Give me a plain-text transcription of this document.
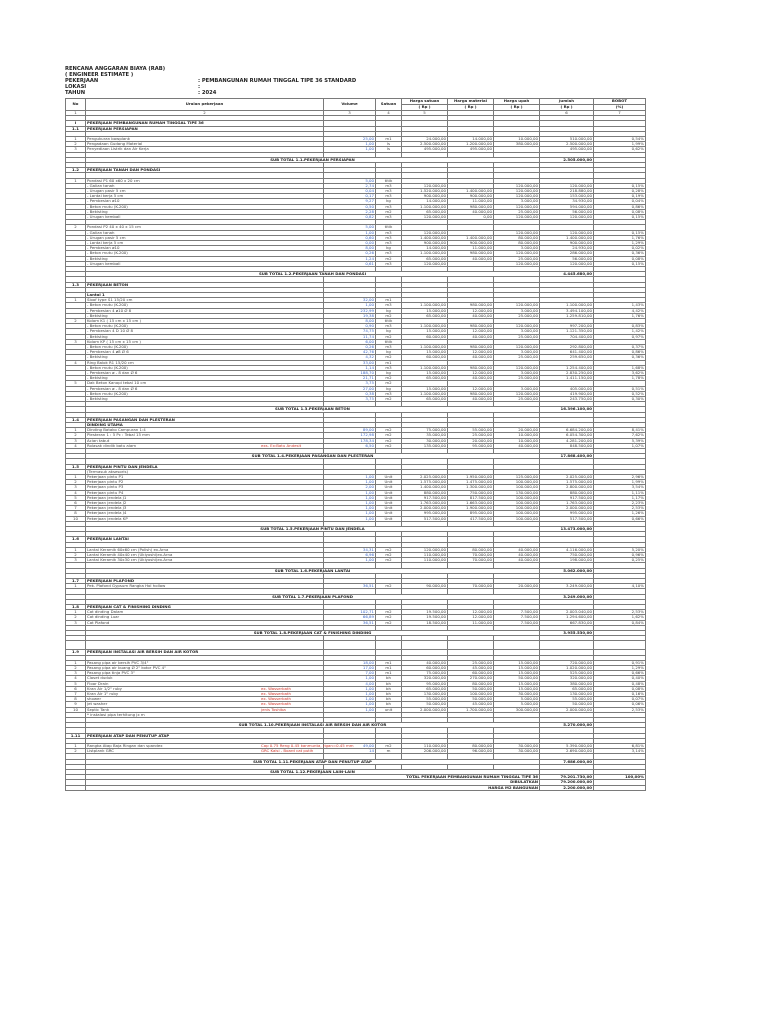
RENCANA ANGGARAN BIAYA (RAB)
( ENGINEER ESTIMATE )
PEKERJAAN	: PEMBANGUNAN RUMAH TINGGAL TIPE 36 STANDARD
LOKASI	:
TAHUN	: 2024
No	Uraian pekerjaan	Volume	Satuan	Harga satuan	Harga material	Harga upah	Jumlah	BOBOT
				( Rp )	( Rp )	( Rp )	( Rp )	(%)
1	2	3	4	5			6	7

I	PEKERJAAN PEMBANGUNAN RUMAH TINGGAL TIPE 36							
1.1	PEKERJAAN PERSIAPAN							

1	Pengukuran bowplank	25,00	m1	24.000,00	14.000,00	10.000,00	510.000,00	0,54%
2	Pengadaan Gudang Material	1,00	ls	2.500.000,00	1.200.000,00	380.000,00	2.500.000,00	1,99%
3	Penyediaan Listrik dan Air Kerja	1,00	ls	495.000,00	495.000,00		495.000,00	0,62%

	SUB TOTAL 1.1.PEKERJAAN PERSIAPAN						2.505.000,00	

1.2	PEKERJAAN TANAH DAN PONDASI							

1	Pondasi P1 60 x60 x 20 cm	5,00	titik					
	- Galian tanah	2,74	m3	120.000,00		120.000,00	120.000,00	0,15%
	- Urugan pasir 5 cm	0,04	m3	1.520.000,00	1.400.000,00	120.000,00	218.880,00	0,28%
	- Lantai kerja 5 cm	0,17	m3	900.000,00	900.000,00	120.000,00	153.000,00	0,19%
	- Pembesian ø10	9,27	kg	14.000,00	11.000,00	3.000,00	34.930,00	0,04%
	- Beton mutu (K-200)	0,50	m3	1.100.000,00	980.000,00	120.000,00	594.000,00	0,86%
	- Bekisting	2,28	m2	65.000,00	40.000,00	25.000,00	56.000,00	0,08%
	- Urugan kembali	0,82	m3	120.000,00	0,00	120.000,00	120.000,00	0,15%

2	Pondasi P2 40 x 40 x 15 cm	5,00	titik					
	- Galian tanah	1,00	m3	120.000,00		120.000,00	120.000,00	0,15%
	- Urugan pasir 5 cm	0,60	m3	1.400.000,00	1.400.000,00	80.000,00	1.400.000,00	1,76%
	- Lantai kerja 5 cm	0,00	m3	900.000,00	900.000,00	80.000,00	900.000,00	1,29%
	- Pembesian ø10	8,00	kg	14.000,00	11.000,00	3.000,00	24.930,00	0,02%
	- Beton mutu (K-200)	0,26	m3	1.100.000,00	980.000,00	120.000,00	286.000,00	0,36%
	- Bekisting	1,24	m2	65.000,00	40.000,00	25.000,00	56.000,00	0,08%
	- Urugan kembali	0,61	m3	120.000,00		120.000,00	120.000,00	0,15%

	SUB TOTAL 1.2.PEKERJAAN TANAH DAN PONDASI						4.445.680,00	

1.3	PEKERJAAN BETON							

	Lantai 1							
1	Sloof type S1 15/20 cm	32,00	m1					
	- Beton mutu (K-200)	1,00	m3	1.100.000,00	980.000,00	120.000,00	1.100.000,00	1,43%
	- Pembesian 4 ø10 Ø 8	232,99	kg	15.000,00	12.000,00	3.000,00	3.494.100,00	4,42%
	- Bekisting	19,38	m2	65.000,00	40.000,00	25.000,00	1.259.810,00	1,76%
2	Kolom K1 ( 15 cm x 15 cm )	8,00	titik					
	- Beton mutu (K-200)	0,90	m3	1.100.000,00	980.000,00	120.000,00	997.200,00	0,83%
	- Pembesian 4 D 10 Ø 8	74,75	kg	15.000,00	12.000,00	3.000,00	1.121.350,00	1,42%
	- Bekisting	11,74	m2	60.000,00	40.000,00	25.000,00	704.400,00	0,97%
3	Kolom KP ( 15 cm x 15 cm )	6,00	titik					
	- Beton mutu (K-200)	0,26	m3	1.100.000,00	980.000,00	120.000,00	292.800,00	0,37%
	- Pembesian 4 ø8 Ø 6	42,76	kg	15.000,00	12.000,00	3.000,00	641.400,00	0,86%
	- Bekisting	4,32	m2	60.000,00	40.000,00	25.000,00	259.650,00	0,36%
4	Ring Balok R1 15/20 cm	33,00	m1					
	- Beton mutu (K-200)	1,14	m3	1.100.000,00	980.000,00	120.000,00	1.254.400,00	1,68%
	- Pembesian ø - 8 dan Ø 6	188,70	kg	15.000,00	12.000,00	3.000,00	2.830.250,00	3,62%
	- Bekisting	21,71	m2	65.000,00	40.000,00	25.000,00	1.411.150,00	1,78%
5	Dak Beton Kanopi tebal 10 cm	3,75	m2					
	- Pembesian ø - 8 dan Ø 6	27,00	kg	15.000,00	12.000,00	3.000,00	405.000,00	0,51%
	- Beton mutu (K-200)	0,38	m3	1.100.000,00	980.000,00	120.000,00	419.900,00	0,52%
	- Bekisting	3,75	m2	65.000,00	40.000,00	25.000,00	243.750,00	0,30%

	SUB TOTAL 1.3.PEKERJAAN BETON						16.396.100,00	

1.4	PEKERJAAN PASANGAN DAN PLESTERAN							
	DINDING UTAMA							
1	Dinding Batako Campuran 1:4	89,00	m2	75.000,00	55.000,00	20.000,00	6.684.200,00	8,41%
2	Plesteran 1 : 5 Pc : Tebal 15 mm	172,98	m2	35.000,00	25.000,00	10.000,00	6.054.300,00	7,62%
3	Acian tabut	178,34	m2	30.000,00	20.000,00	10.000,00	4.281.200,00	5,39%
4	Rolasak dindik batu alam exs. Ex:Batu Andesit	6,50	m2	135.000,00	95.000,00	40.000,00	848.500,00	1,07%

	SUB TOTAL 1.4.PEKERJAAN PASANGAN DAN PLESTERAN						17.868.400,00	

1.5	PEKERJAAN PINTU DAN JENDELA							
	(Termasuk aksesoris)							
1	Pekerjaan pintu P1	1,00	Unit	2.025.000,00	1.950.000,00	125.000,00	2.025.000,00	2,96%
2	Pekerjaan pintu P2	1,00	Unit	1.575.000,00	1.475.000,00	100.000,00	1.575.000,00	1,99%
3	Pekerjaan pintu P3	2,00	Unit	1.400.000,00	1.300.000,00	100.000,00	2.800.000,00	3,54%
4	Pekerjaan pintu P4	1,00	Unit	880.000,00	750.000,00	130.000,00	880.000,00	1,11%
5	Pekerjaan jendela J1	1,00	Unit	917.500,00	817.500,00	100.000,00	917.500,00	1,17%
6	Pekerjaan jendela J2	1,00	Unit	1.763.000,00	1.663.000,00	100.000,00	1.763.000,00	2,23%
7	Pekerjaan jendela J3	1,00	Unit	2.000.000,00	1.900.000,00	100.000,00	2.000.000,00	2,53%
8	Pekerjaan jendela J4	1,00	Unit	995.000,00	895.000,00	100.000,00	995.000,00	1,26%
10	Pekerjaan jendela KP	1,00	Unit	517.500,00	417.500,00	100.000,00	517.500,00	0,66%

	SUB TOTAL 1.5.PEKERJAAN PINTU DAN JENDELA						13.473.000,00	

1.6	PEKERJAAN LANTAI							

1	Lantai Keramik 60x60 cm (Polish) ex.Arna	34,31	m2	120.000,00	80.000,00	40.000,00	4.116.000,00	5,20%
2	Lantai Keramik 40x40 cm (Ukiyoshi)ex.Arna	6,96	m2	110.000,00	70.000,00	40.000,00	750.000,00	0,96%
3	Lantai Keramik 30x30 cm (Ukiyoshi)ex.Arna	1,00	m2	110.000,00	70.000,00	40.000,00	198.000,00	0,25%

	SUB TOTAL 1.6.PEKERJAAN LANTAI						5.062.000,00	

1.7	PEKERJAAN PLAFOND							
1	Pek. Plafond Gypsum Rangka Hol hollow	36,51	m2	90.000,00	70.000,00	20.000,00	3.249.000,00	4,10%

	SUB TOTAL 1.7.PEKERJAAN PLAFOND						3.249.000,00	

1.8	PEKERJAAN CAT & FINISHING DINDING							
1	Cat dinding Dalam	102,71	m2	19.500,00	12.000,00	7.500,00	2.003.040,00	2,53%
2	Cat dinding Luar	66,89	m2	19.500,00	12.000,00	7.500,00	1.294.600,00	1,62%
3	Cat Plafond	36,51	m2	18.500,00	11.000,00	7.500,00	667.830,00	0,84%

	SUB TOTAL 1.8.PEKERJAAN CAT & FINISHING DINDING						3.955.530,00	

1.9	PEKERJAAN INSTALASI AIR BERSIH DAN AIR KOTOR							

1	Pasang pipa air bersih PVC 3/4"	18,00	m1	40.000,00	25.000,00	15.000,00	720.000,00	0,91%
2	Pasang pipa air buang Ø 2" kotor PVC 4"	17,00	m1	60.000,00	45.000,00	15.000,00	1.020.000,00	1,29%
3	Pasang pipa tinja PVC 3"	7,00	m1	75.000,00	60.000,00	15.000,00	525.000,00	0,66%
4	Closet duduk	1,00	bh	320.000,00	270.000,00	50.000,00	320.000,00	0,40%
5	Floor Drain	4,00	bh	95.000,00	80.000,00	15.000,00	380.000,00	0,48%
6	Kran Air 1/2" ruby ex. Wasserbath	1,00	bh	65.000,00	50.000,00	15.000,00	65.000,00	0,08%
7	Kran Air 1" ruby ex. Wasserbath	1,00	bh	130.000,00	100.000,00	30.000,00	130.000,00	0,16%
8	shower ex. Wasserbath	1,00	bh	55.000,00	50.000,00	5.000,00	55.000,00	0,07%
9	jet washer ex. Wasserbath	1,00	bh	50.000,00	45.000,00	5.000,00	50.000,00	0,06%
10	Septic Tank jenis Toshiba	1,00	unit	2.000.000,00	1.700.000,00	300.000,00	2.000.000,00	2,53%
	* instalasi pipa terhitung jx m							

	SUB TOTAL 1.10.PEKERJAAN INSTALASI AIR BERSIH DAN AIR KOTOR						5.270.000,00	

1.11	PEKERJAAN ATAP DAN PENUTUP ATAP							

1	Rangka Atap Baja Ringan dan spandex Cap 0.75 Reng 0.45 kanmunta, rigan=0.45 mm	49,00	m2	110.000,00	80.000,00	30.000,00	5.390.000,00	6,81%
2	Listplank GRC GRC Kalsi - Board cat putih	14	m	206.000,00	96.000,00	30.000,00	2.690.000,00	3,14%

	SUB TOTAL 1.11.PEKERJAAN ATAP DAN PENUTUP ATAP						7.686.000,00	

	SUB TOTAL 1.12.PEKERJAAN LAIN-LAIN							
	TOTAL PEKERJAAN PEMBANGUNAN RUMAH TINGGAL TIPE 36						79.201.730,00	100,00%
	DIBULATKAN						79.200.000,00	
	HARGA M2 BANGUNAN						2.200.000,00	
